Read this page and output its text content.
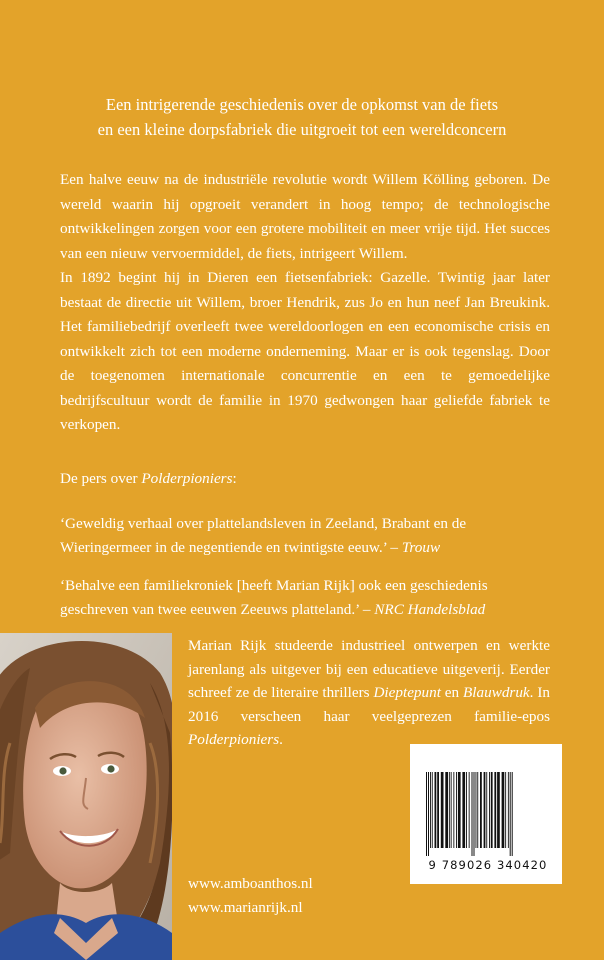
Een intrigerende geschiedenis over de opkomst van de fiets
en een kleine dorpsfabriek die uitgroeit tot een wereldconcern

Een halve eeuw na de industriële revolutie wordt Willem Kölling geboren. De wereld waarin hij opgroeit verandert in hoog tempo; de technologische ontwikkelingen zorgen voor een grotere mobiliteit en meer vrije tijd. Het succes van een nieuw vervoermiddel, de fiets, intrigeert Willem.

In 1892 begint hij in Dieren een fietsenfabriek: Gazelle. Twintig jaar later bestaat de directie uit Willem, broer Hendrik, zus Jo en hun neef Jan Breukink. Het familiebedrijf overleeft twee wereldoorlogen en een economische crisis en ontwikkelt zich tot een moderne onderneming. Maar er is ook tegenslag. Door de toegenomen internationale concurrentie en een te gemoedelijke bedrijfscultuur wordt de familie in 1970 gedwongen haar geliefde fabriek te verkopen.

De pers over Polderpioniers:
‘Geweldig verhaal over plattelandsleven in Zeeland, Brabant en de Wieringermeer in de negentiende en twintigste eeuw.’ – Trouw
‘Behalve een familiekroniek [heeft Marian Rijk] ook een geschiedenis geschreven van twee eeuwen Zeeuws platteland.’ – NRC Handelsblad
Marian Rijk studeerde industrieel ontwerpen en werkte jarenlang als uitgever bij een educatieve uitgeverij. Eerder schreef ze de literaire thrillers Dieptepunt en Blauwdruk. In 2016 verscheen haar veelgeprezen familie-epos Polderpioniers.
www.amboanthos.nl
www.marianrijk.nl
9 789026 340420
